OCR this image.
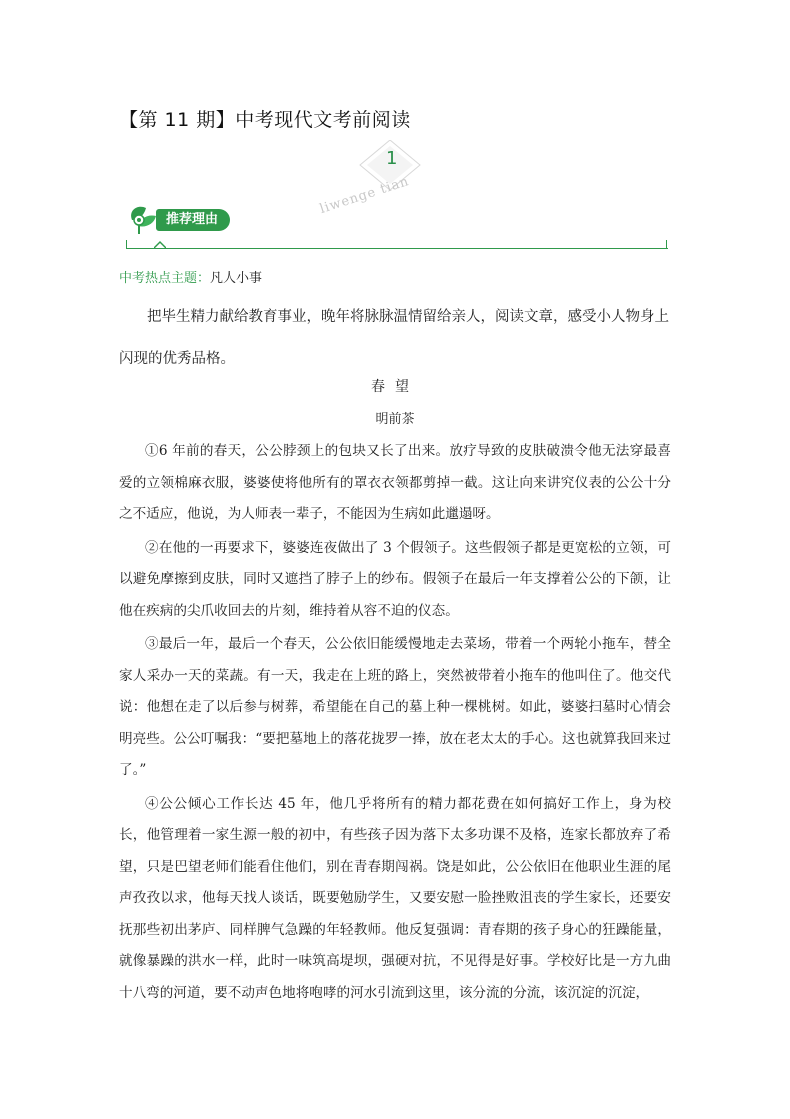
【第 11 期】中考现代文考前阅读
1
liwenge tian
推荐理由
中考热点主题：凡人小事

把毕生精力献给教育事业，晚年将脉脉温情留给亲人，阅读文章，感受小人物身上闪现的优秀品格。

春望
明前茶

①6 年前的春天，公公脖颈上的包块又长了出来。放疗导致的皮肤破溃令他无法穿最喜爱的立领棉麻衣服，婆婆使将他所有的罩衣衣领都剪掉一截。这让向来讲究仪表的公公十分之不适应，他说，为人师表一辈子，不能因为生病如此邋遢呀。

②在他的一再要求下，婆婆连夜做出了 3 个假领子。这些假领子都是更宽松的立领，可以避免摩擦到皮肤，同时又遮挡了脖子上的纱布。假领子在最后一年支撑着公公的下颌，让他在疾病的尖爪收回去的片刻，维持着从容不迫的仪态。

③最后一年，最后一个春天，公公依旧能缓慢地走去菜场，带着一个两轮小拖车，替全家人采办一天的菜蔬。有一天，我走在上班的路上，突然被带着小拖车的他叫住了。他交代说：他想在走了以后参与树葬，希望能在自己的墓上种一棵桃树。如此，婆婆扫墓时心情会明亮些。公公叮嘱我：“要把墓地上的落花拢罗一捧，放在老太太的手心。这也就算我回来过了。”

④公公倾心工作长达 45 年，他几乎将所有的精力都花费在如何搞好工作上，身为校长，他管理着一家生源一般的初中，有些孩子因为落下太多功课不及格，连家长都放弃了希望，只是巴望老师们能看住他们，别在青春期闯祸。饶是如此，公公依旧在他职业生涯的尾声孜孜以求，他每天找人谈话，既要勉励学生，又要安慰一脸挫败沮丧的学生家长，还要安抚那些初出茅庐、同样脾气急躁的年轻教师。他反复强调：青春期的孩子身心的狂躁能量，就像暴躁的洪水一样，此时一味筑高堤坝，强硬对抗，不见得是好事。学校好比是一方九曲十八弯的河道，要不动声色地将咆哮的河水引流到这里，该分流的分流，该沉淀的沉淀，
